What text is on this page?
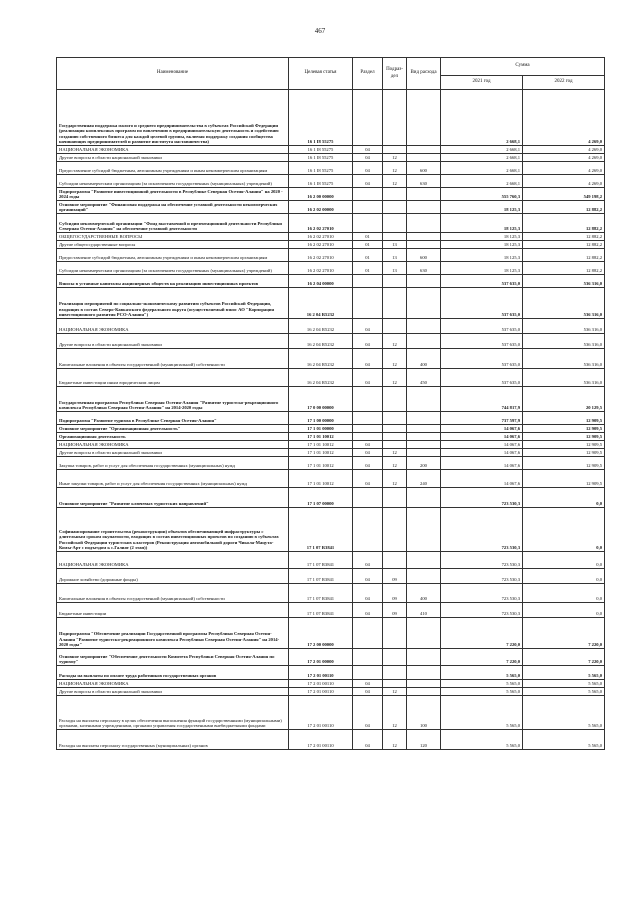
467
Наименование	Целевая статья	Раздел	Подраз-дел	Вид расхода	Сумма	
					2021 год	2022 год
Государственная поддержка малого и среднего предпринимательства в субъектах Российской Федерации (реализация комплексных программ по вовлечению в предпринимательскую деятельность и содействию созданию собственного бизнеса для каждой целевой группы, включая поддержку создания сообщества начинающих предпринимателей и развитие института наставничества)	16 1 I8 55275				2 668,1	4 269,0
НАЦИОНАЛЬНАЯ ЭКОНОМИКА	16 1 I8 55275	04			2 668,1	4 269,0
Другие вопросы в области национальной экономики	16 1 I8 55275	04	12		2 668,1	4 269,0
Предоставление субсидий бюджетным, автономным учреждениям и иным некоммерческим организациям	16 1 I8 55275	04	12	600	2 668,1	4 269,0
Субсидии некоммерческим организациям (за исключением государственных (муниципальных) учреждений)	16 1 I8 55275	04	12	630	2 668,1	4 269,0
Подпрограмма "Развитие инвестиционной деятельности в Республике Северная Осетия-Алания" на 2020 - 2024 годы	16 2 00 00000				555 760,3	549 198,2
Основное мероприятие "Финансовая поддержка на обеспечение уставной деятельности некоммерческих организаций"	16 2 02 00000				18 125,3	12 882,2
Субсидии некоммерческой организации "Фонд выставочной и презентационной деятельности Республики Северная Осетия-Алания" на обеспечение уставной деятельности	16 2 02 27010				18 125,3	12 882,2
ОБЩЕГОСУДАРСТВЕННЫЕ ВОПРОСЫ	16 2 02 27010	01			18 125,3	12 882,2
Другие общегосударственные вопросы	16 2 02 27010	01	13		18 125,3	12 882,2
Предоставление субсидий бюджетным, автономным учреждениям и иным некоммерческим организациям	16 2 02 27010	01	13	600	18 125,3	12 882,2
Субсидии некоммерческим организациям (за исключением государственных (муниципальных) учреждений)	16 2 02 27010	01	13	630	18 125,3	12 882,2
Взносы в уставные капиталы акционерных обществ на реализацию инвестиционных проектов	16 2 04 00000				537 635,0	536 316,0
Реализация мероприятий по социально-экономическому развитию субъектов Российской Федерации, входящих в состав Северо-Кавказского федерального округа (осуществляемый взнос АО "Корпорация инвестиционного развития РСО-Алания")	16 2 04 R5232				537 635,0	536 316,0
НАЦИОНАЛЬНАЯ ЭКОНОМИКА	16 2 04 R5232	04			537 635,0	536 316,0
Другие вопросы в области национальной экономики	16 2 04 R5232	04	12		537 635,0	536 316,0
Капитальные вложения в объекты государственной (муниципальной) собственности	16 2 04 R5232	04	12	400	537 635,0	536 316,0
Бюджетные инвестиции иным юридическим лицам	16 2 04 R5232	04	12	450	537 635,0	536 316,0
Государственная программа Республики Северная Осетия-Алания "Развитие туристско-рекреационного комплекса Республики Северная Осетия-Алания" на 2014-2020 годы	17 0 00 00000				744 817,9	20 129,5
Подпрограмма "Развитие туризма в Республике Северная Осетия-Алания"	17 1 00 00000				737 597,9	12 909,5
Основное мероприятие "Организационная деятельность"	17 1 01 00000				14 067,6	12 909,5
Организационная деятельность	17 1 01 10012				14 067,6	12 909,5
НАЦИОНАЛЬНАЯ ЭКОНОМИКА	17 1 01 10012	04			14 067,6	12 909,5
Другие вопросы в области национальной экономики	17 1 01 10012	04	12		14 067,6	12 909,5
Закупка товаров, работ и услуг для обеспечения государственных (муниципальных) нужд	17 1 01 10012	04	12	200	14 067,6	12 909,5
Иные закупки товаров, работ и услуг для обеспечения государственных (муниципальных) нужд	17 1 01 10012	04	12	240	14 067,6	12 909,5
Основное мероприятие "Развитие ключевых туристских направлений"	17 1 07 00000				723 530,3	0,0
Софинансирование строительства (реконструкции) объектов обеспечивающей инфраструктуры с длительным сроком окупаемости, входящих в состав инвестиционных проектов по созданию в субъектах Российской Федерации туристских кластеров (Реконструкция автомобильной дороги Чикола-Мацута-Комы-Арт с подъездом к с.Галиат (2 этап))	17 1 07 R3841				723 530,3	0,0
НАЦИОНАЛЬНАЯ ЭКОНОМИКА	17 1 07 R3841	04			723 530,3	0,0
Дорожное хозяйство (дорожные фонды)	17 1 07 R3841	04	09		723 530,3	0,0
Капитальные вложения в объекты государственной (муниципальной) собственности	17 1 07 R3841	04	09	400	723 530,3	0,0
Бюджетные инвестиции	17 1 07 R3841	04	09	410	723 530,3	0,0
Подпрограмма "Обеспечение реализации Государственной программы Республики Северная Осетия-Алания "Развитие туристско-рекреационного комплекса Республики Северная Осетия-Алания" на 2014-2020 годы"	17 2 00 00000				7 220,0	7 220,0
Основное мероприятие "Обеспечение деятельности Комитета Республики Северная Осетия-Алания по туризму"	17 2 01 00000				7 220,0	7 220,0
Расходы на выплаты по оплате труда работников государственных органов	17 2 01 00110				5 565,0	5 565,0
НАЦИОНАЛЬНАЯ ЭКОНОМИКА	17 2 01 00110	04			5 565,0	5 565,0
Другие вопросы в области национальной экономики	17 2 01 00110	04	12		5 565,0	5 565,0
Расходы на выплаты персоналу в целях обеспечения выполнения функций государственными (муниципальными) органами, казенными учреждениями, органами управления государственными внебюджетными фондами	17 2 01 00110	04	12	100	5 565,0	5 565,0
Расходы на выплаты персоналу государственных (муниципальных) органов	17 2 01 00110	04	12	120	5 565,0	5 565,0
